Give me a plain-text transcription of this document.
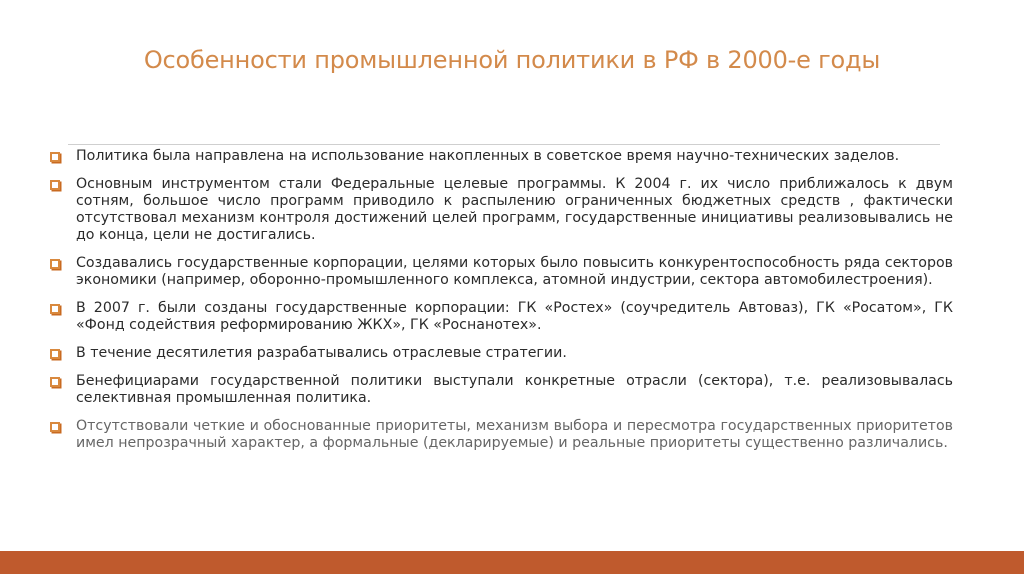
Особенности промышленной политики в РФ в 2000-е годы
Политика была направлена на использование накопленных в советское время научно-технических заделов.
Основным инструментом стали Федеральные целевые программы. К 2004 г. их число приближалось к двум сотням, большое число программ приводило к распылению ограниченных бюджетных средств , фактически отсутствовал механизм контроля достижений целей программ, государственные инициативы реализовывались не до конца, цели не достигались.
Создавались государственные корпорации, целями которых было повысить конкурентоспособность ряда секторов экономики (например, оборонно-промышленного комплекса, атомной индустрии, сектора автомобилестроения).
В 2007 г. были созданы государственные корпорации: ГК «Ростех» (соучредитель Автоваз), ГК «Росатом», ГК «Фонд содействия реформированию ЖКХ», ГК «Роснанотех».
В течение десятилетия разрабатывались отраслевые стратегии.
Бенефициарами государственной политики выступали конкретные отрасли (сектора), т.е. реализовывалась селективная промышленная политика.
Отсутствовали четкие и обоснованные приоритеты, механизм выбора и пересмотра государственных приоритетов имел непрозрачный характер, а формальные (декларируемые) и реальные приоритеты существенно различались.
